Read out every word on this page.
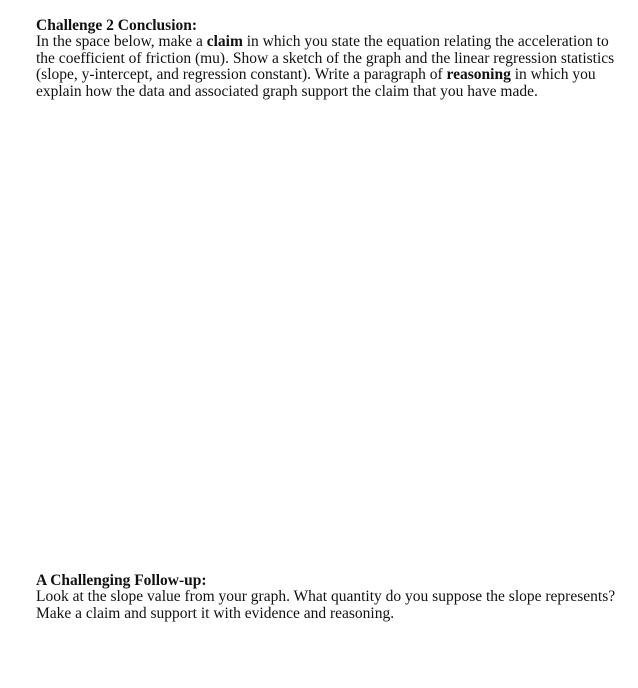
Challenge 2 Conclusion:
In the space below, make a claim in which you state the equation relating the acceleration to the coefficient of friction (mu). Show a sketch of the graph and the linear regression statistics (slope, y-intercept, and regression constant). Write a paragraph of reasoning in which you explain how the data and associated graph support the claim that you have made.
A Challenging Follow-up:
Look at the slope value from your graph. What quantity do you suppose the slope represents? Make a claim and support it with evidence and reasoning.
